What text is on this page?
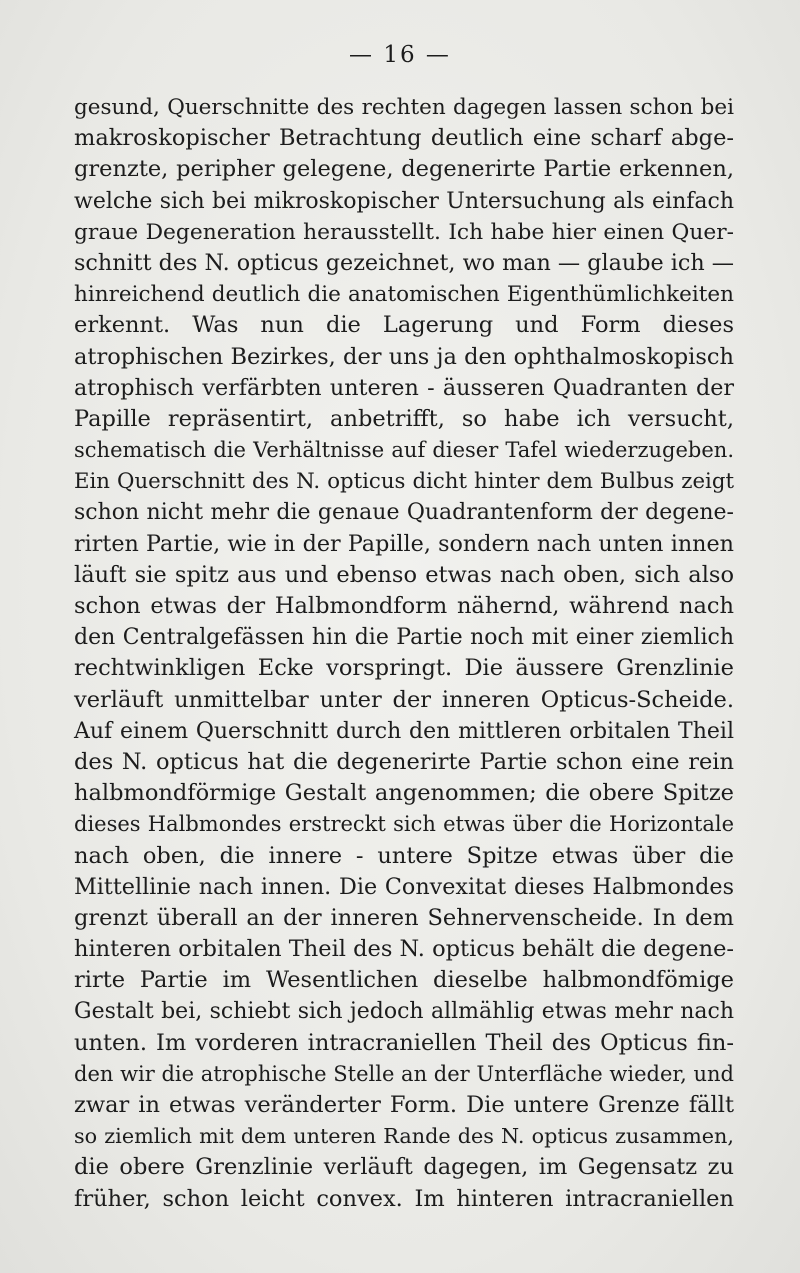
— 16 —
gesund, Querschnitte des rechten dagegen lassen schon bei
makroskopischer Betrachtung deutlich eine scharf abge-
grenzte, peripher gelegene, degenerirte Partie erkennen,
welche sich bei mikroskopischer Untersuchung als einfach
graue Degeneration herausstellt. Ich habe hier einen Quer-
schnitt des N. opticus gezeichnet, wo man — glaube ich —
hinreichend deutlich die anatomischen Eigenthümlichkeiten
erkennt. Was nun die Lagerung und Form dieses
atrophischen Bezirkes, der uns ja den ophthalmoskopisch
atrophisch verfärbten unteren - äusseren Quadranten der
Papille repräsentirt, anbetrifft, so habe ich versucht,
schematisch die Verhältnisse auf dieser Tafel wiederzugeben.
Ein Querschnitt des N. opticus dicht hinter dem Bulbus zeigt
schon nicht mehr die genaue Quadrantenform der degene-
rirten Partie, wie in der Papille, sondern nach unten innen
läuft sie spitz aus und ebenso etwas nach oben, sich also
schon etwas der Halbmondform nähernd, während nach
den Centralgefässen hin die Partie noch mit einer ziemlich
rechtwinkligen Ecke vorspringt. Die äussere Grenzlinie
verläuft unmittelbar unter der inneren Opticus-Scheide.
Auf einem Querschnitt durch den mittleren orbitalen Theil
des N. opticus hat die degenerirte Partie schon eine rein
halbmondförmige Gestalt angenommen; die obere Spitze
dieses Halbmondes erstreckt sich etwas über die Horizontale
nach oben, die innere - untere Spitze etwas über die
Mittellinie nach innen. Die Convexitat dieses Halbmondes
grenzt überall an der inneren Sehnervenscheide. In dem
hinteren orbitalen Theil des N. opticus behält die degene-
rirte Partie im Wesentlichen dieselbe halbmondfömige
Gestalt bei, schiebt sich jedoch allmählig etwas mehr nach
unten. Im vorderen intracraniellen Theil des Opticus fin-
den wir die atrophische Stelle an der Unterfläche wieder, und
zwar in etwas veränderter Form. Die untere Grenze fällt
so ziemlich mit dem unteren Rande des N. opticus zusammen,
die obere Grenzlinie verläuft dagegen, im Gegensatz zu
früher, schon leicht convex. Im hinteren intracraniellen
